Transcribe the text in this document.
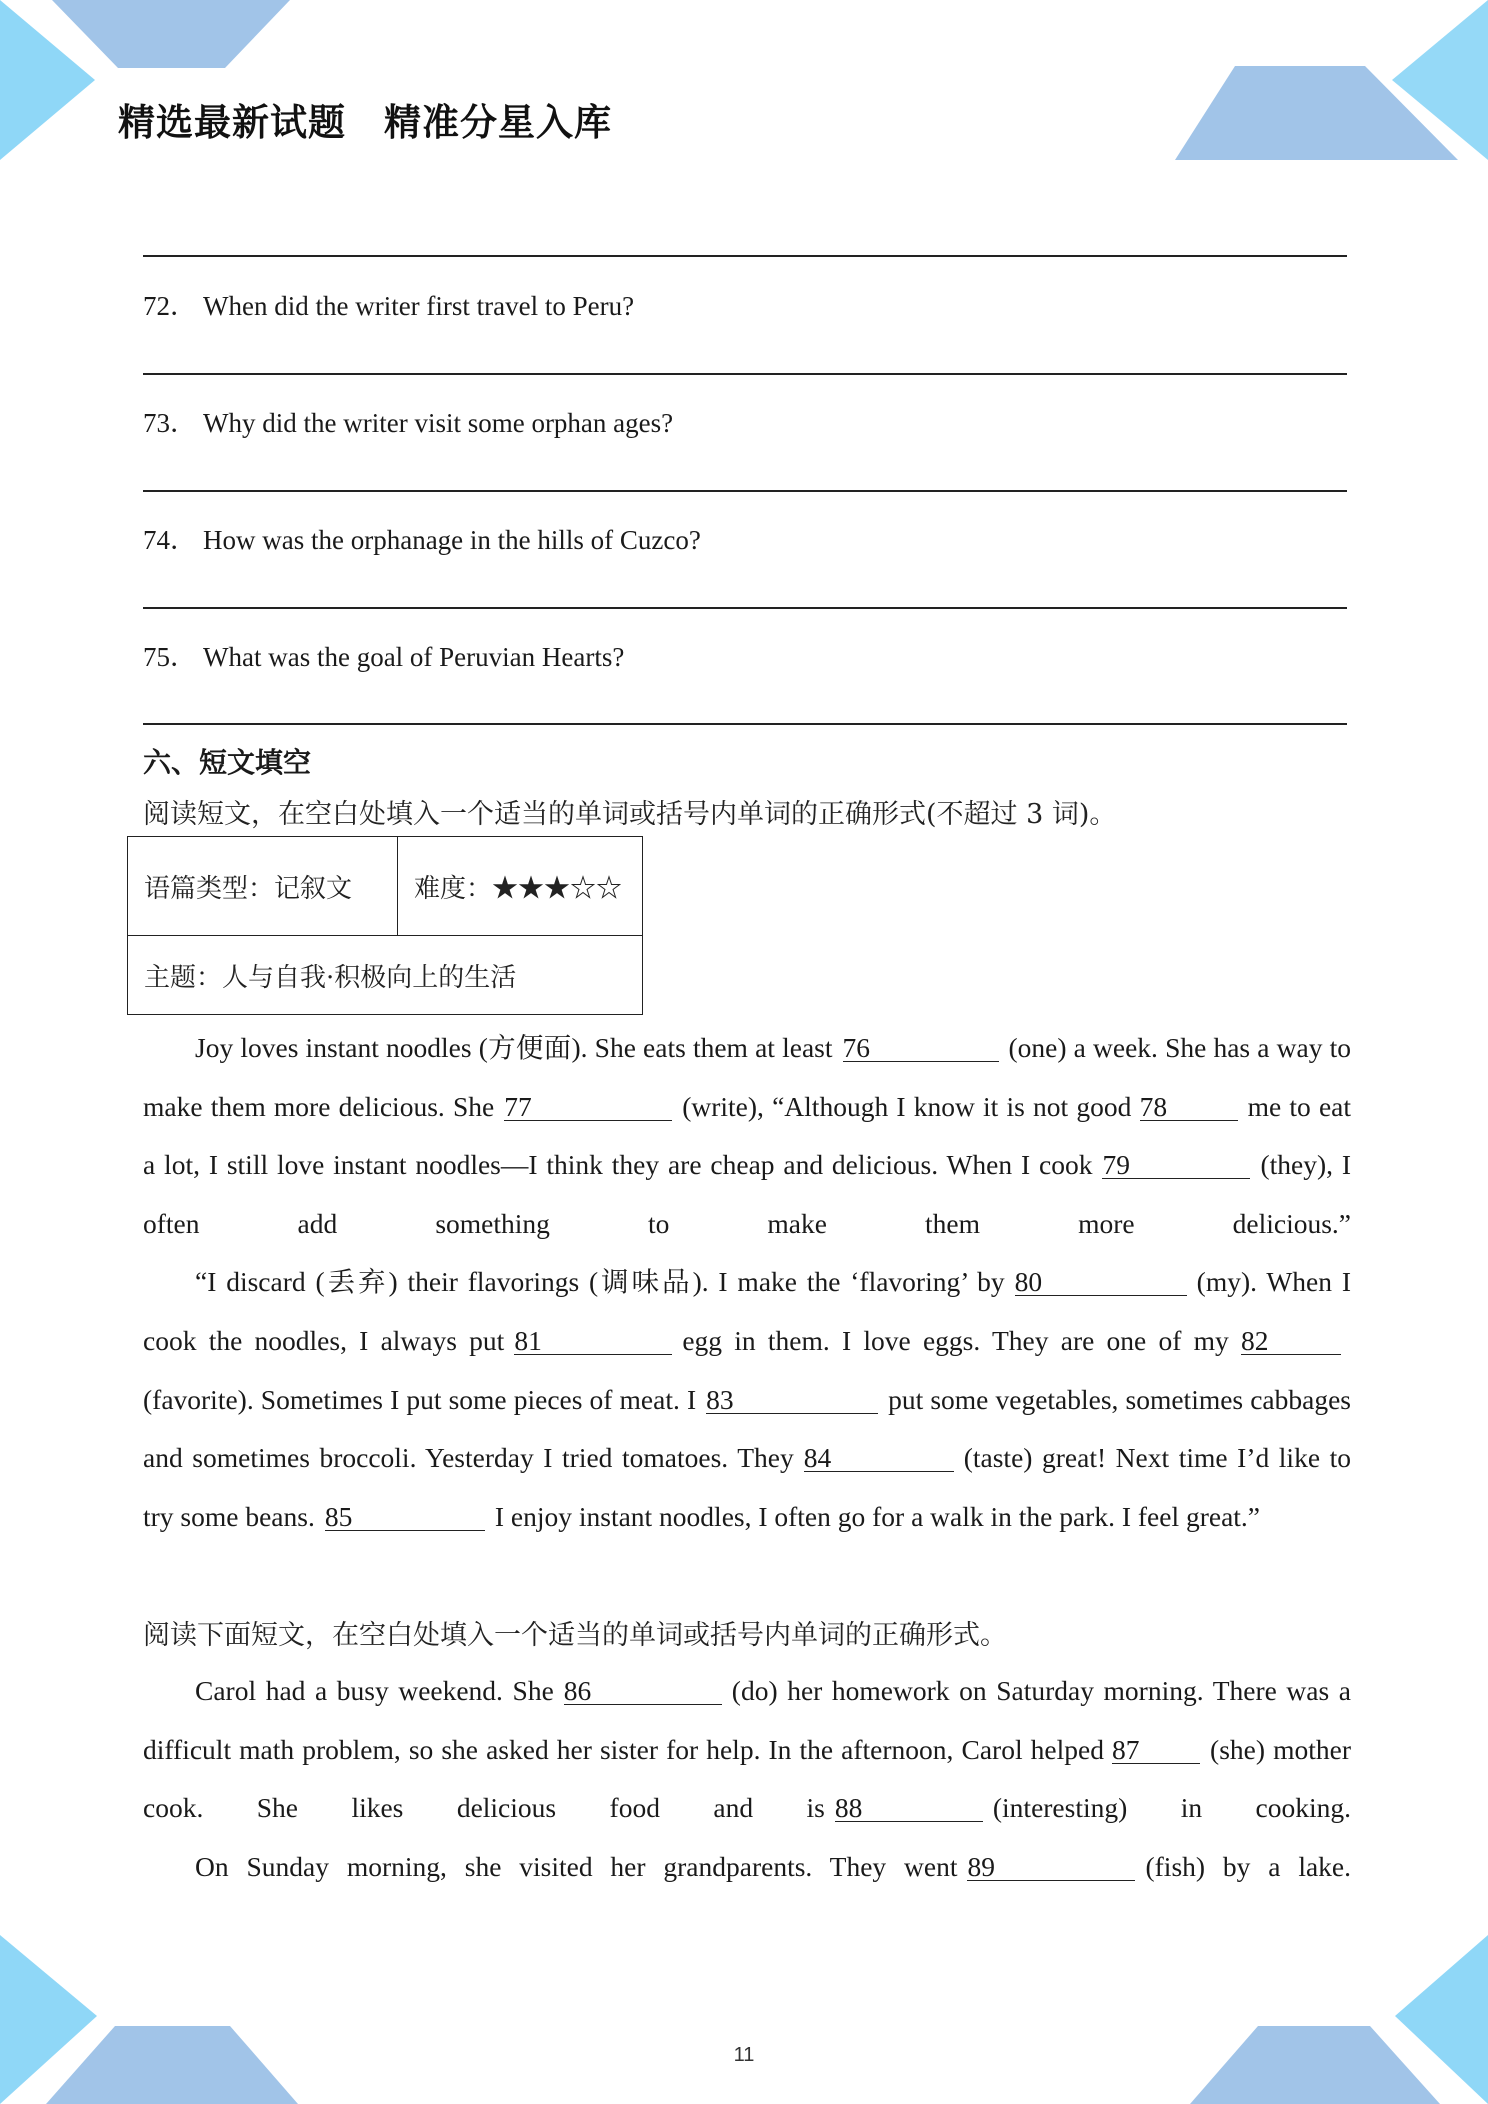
精选最新试题　精准分星入库
72． When did the writer first travel to Peru?
73． Why did the writer visit some orphan ages?
74． How was the orphanage in the hills of Cuzco?
75． What was the goal of Peruvian Hearts?
六、短文填空
阅读短文，在空白处填入一个适当的单词或括号内单词的正确形式(不超过 3 词)。
语篇类型：记叙文	难度：★★★☆☆
主题：人与自我·积极向上的生活

Joy loves instant noodles (方便面). She eats them at least 76	(one) a week. She has a way to make them more delicious. She 77	(write), “Although I know it is not good 78	me to eat a lot, I still love instant noodles—I think they are cheap and delicious. When I cook 79	(they), I often add something to make them more delicious.”

“I discard (丢弃) their flavorings (调味品). I make the ‘flavoring’ by 80	(my). When I cook the noodles, I always put 81	egg in them. I love eggs. They are one of my 82(favorite). Sometimes I put some pieces of meat. I 83	put some vegetables, sometimes cabbages and sometimes broccoli. Yesterday I tried tomatoes. They 84	(taste) great! Next time I’d like to try some beans. 85	I enjoy instant noodles, I often go for a walk in the park. I feel great.”

阅读下面短文，在空白处填入一个适当的单词或括号内单词的正确形式。

Carol had a busy weekend. She 86	(do) her homework on Saturday morning. There was a difficult math problem, so she asked her sister for help. In the afternoon, Carol helped 87	(she) mother cook. She likes delicious food and is 88	(interesting) in cooking.

On Sunday morning, she visited her grandparents. They went 89	(fish) by a lake.

11
